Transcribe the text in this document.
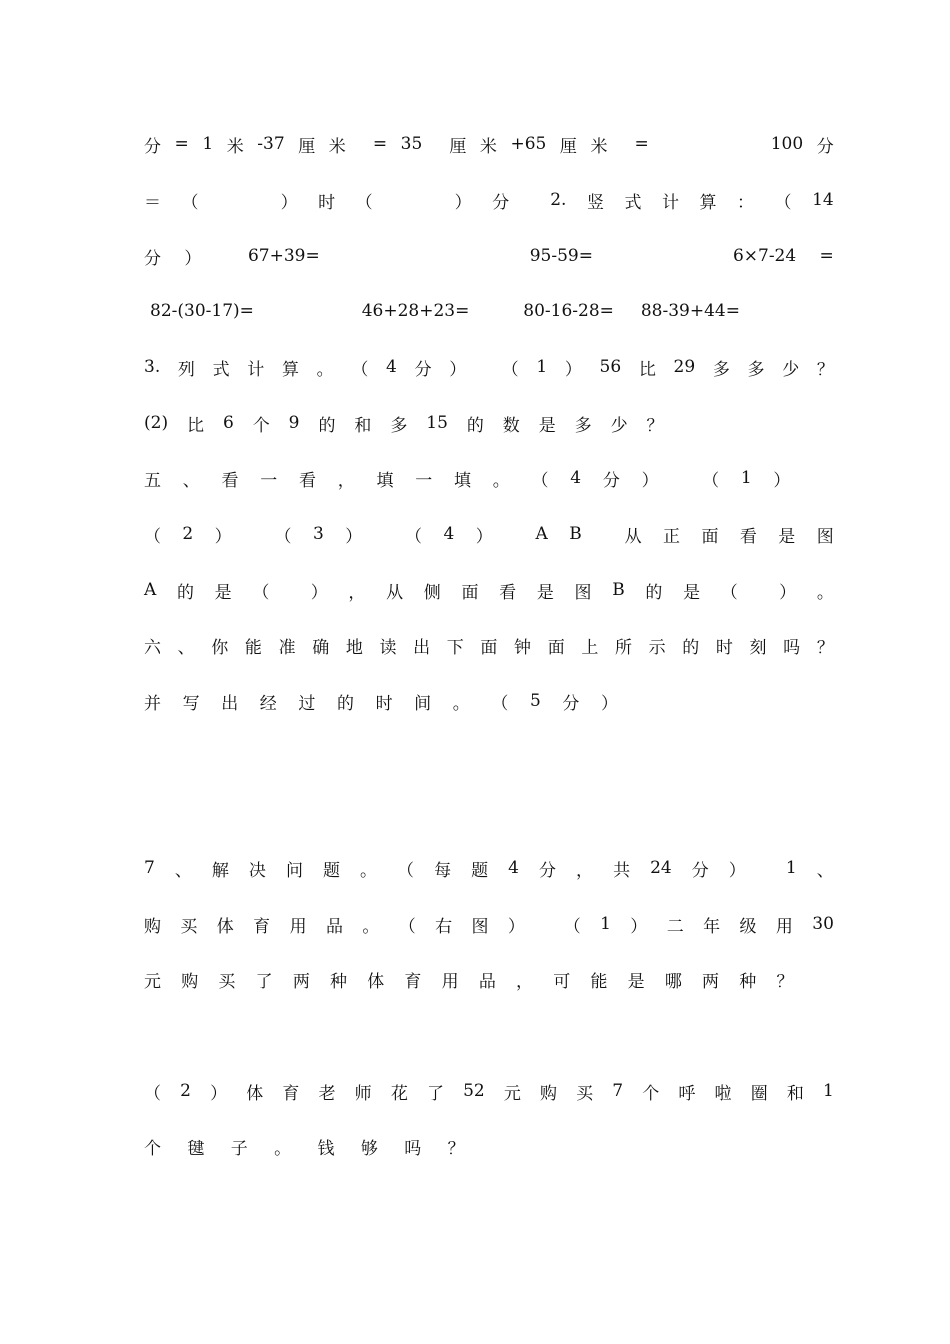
分 = 1 米 -37 厘 米 = 35 厘 米 +65 厘 米 =	100 分
＝ （	） 时 （	） 分 2. 竖 式 计 算 ： （ 14
分 ）	67+39=	95-59=	6×7-24 =
82-(30-17)=	46+28+23=	80-16-28= 88-39+44=
3. 列 式 计 算 。 （ 4 分 ） （ 1 ） 56 比 29 多 多 少 ？
(2) 比 6 个 9 的 和 多 15 的 数 是 多 少 ？
五 、 看 一 看 ， 填 一 填 。 （ 4 分 ）	（ 1 ）
（ 2 ）	（ 3 ）	（ 4 ）	A B	从 正 面 看 是 图
A 的 是 （ ） ， 从 侧 面 看 是 图 B 的 是 （ ） 。
六 、 你 能 准 确 地 读 出 下 面 钟 面 上 所 示 的 时 刻 吗 ？
并 写 出 经 过 的 时 间 。 （ 5 分 ）
7 、 解 决 问 题 。 （ 每 题 4 分 ， 共 24 分 ） 1 、
购 买 体 育 用 品 。 （ 右 图 ） （ 1 ） 二 年 级 用 30
元 购 买 了 两 种 体 育 用 品 ， 可 能 是 哪 两 种 ？
（ 2 ） 体 育 老 师 花 了 52 元 购 买 7 个 呼 啦 圈 和 1
个 毽 子 。 钱 够 吗 ？
